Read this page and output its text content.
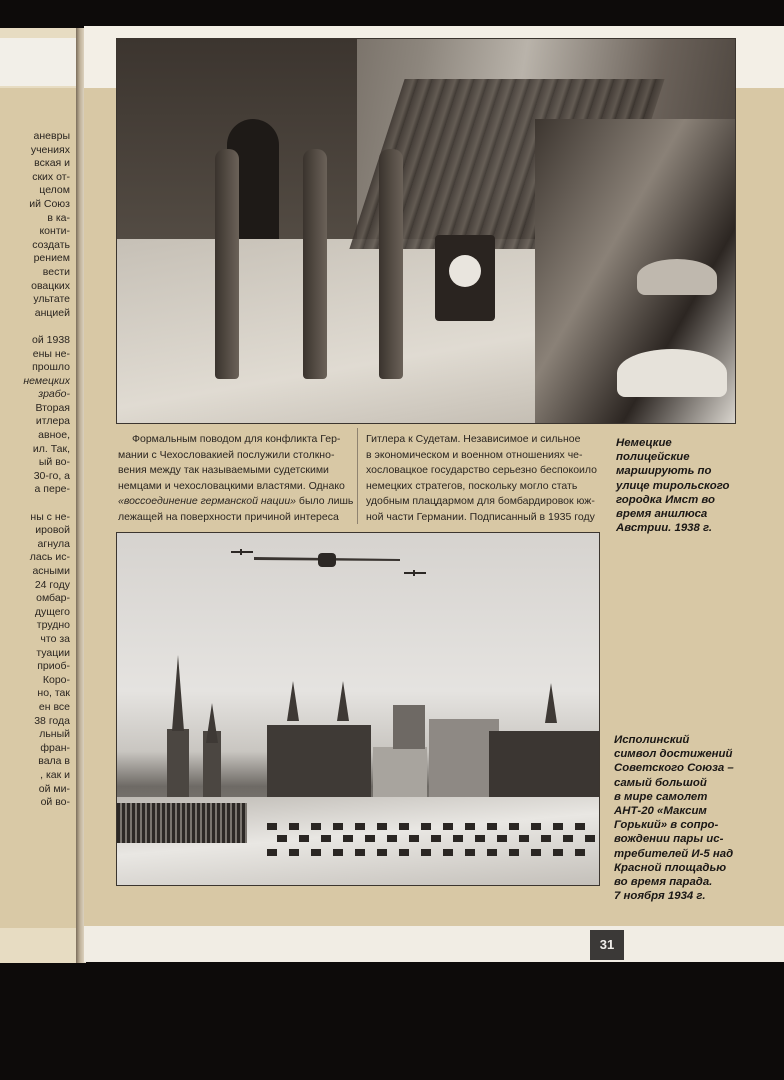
аневры
учениях
вская и
ских от-
целом
ий Союз
в ка-
конти-
создать
рением
вести
овацких
ультате
анцией
ой 1938
ены не-
прошло
немецких
зрабо-
Вторая
итлера
авное,
ил. Так,
ый во-
30-го, а
а пере-
ны с не-
ировой
агнула
лась ис-
асными
24 году
омбар-
дущего
трудно
что за
туации
приоб-
Коро-
но, так
ен все
38 года
льный
фран-
вала в
, как и
ой ми-
ой во-
Немецкие
полицейские
марширують по
улице тирольского
городка Имст во
время аншлюса
Австрии. 1938 г.
Формальным поводом для конфликта Гер-
мании с Чехословакией послужили столкно-
вения между так называемыми судетскими
немцами и чехословацкими властями. Однако
«воссоединение германской нации» было лишь
лежащей на поверхности причиной интереса
Гитлера к Судетам. Независимое и сильное
в экономическом и военном отношениях че-
хословацкое государство серьезно беспокоило
немецких стратегов, поскольку могло стать
удобным плацдармом для бомбардировок юж-
ной части Германии. Подписанный в 1935 году
Исполинский
символ достижений
Советского Союза –
самый большой
в мире самолет
АНТ-20 «Максим
Горький» в сопро-
вождении пары ис-
требителей И-5 над
Красной площадью
во время парада.
7 ноября 1934 г.
31
